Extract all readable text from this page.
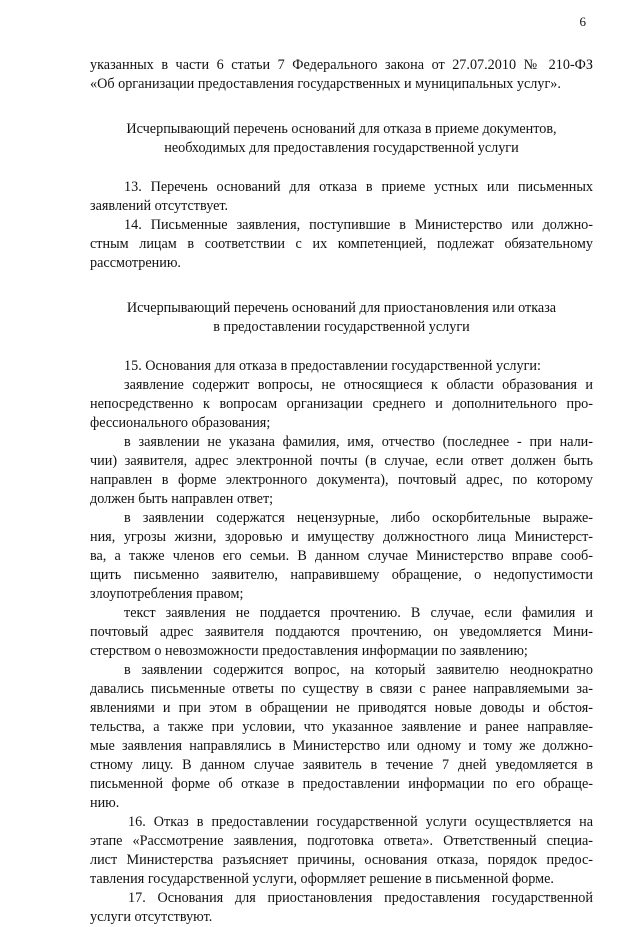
6
указанных в части 6 статьи 7 Федерального закона от 27.07.2010 № 210-ФЗ
«Об организации предоставления государственных и муниципальных услуг».
Исчерпывающий перечень оснований для отказа в приеме документов,
необходимых для предоставления государственной услуги
13. Перечень оснований для отказа в приеме устных или письменных
заявлений отсутствует.
14. Письменные заявления, поступившие в Министерство или должно-
стным лицам в соответствии с их компетенцией, подлежат обязательному
рассмотрению.
Исчерпывающий перечень оснований для приостановления или отказа
в предоставлении государственной услуги
15. Основания для отказа в предоставлении государственной услуги:
заявление содержит вопросы, не относящиеся к области образования и
непосредственно к вопросам организации среднего и дополнительного про-
фессионального образования;
в заявлении не указана фамилия, имя, отчество (последнее - при нали-
чии) заявителя, адрес электронной почты (в случае, если ответ должен быть
направлен в форме электронного документа), почтовый адрес, по которому
должен быть направлен ответ;
в заявлении содержатся нецензурные, либо оскорбительные выраже-
ния, угрозы жизни, здоровью и имуществу должностного лица Министерст-
ва, а также членов его семьи. В данном случае Министерство вправе сооб-
щить письменно заявителю, направившему обращение, о недопустимости
злоупотребления правом;
текст заявления не поддается прочтению. В случае, если фамилия и
почтовый адрес заявителя поддаются прочтению, он уведомляется Мини-
стерством о невозможности предоставления информации по заявлению;
в заявлении содержится вопрос, на который заявителю неоднократно
давались письменные ответы по существу в связи с ранее направляемыми за-
явлениями и при этом в обращении не приводятся новые доводы и обстоя-
тельства, а также при условии, что указанное заявление и ранее направляе-
мые заявления направлялись в Министерство или одному и тому же должно-
стному лицу. В данном случае заявитель в течение 7 дней уведомляется в
письменной форме об отказе в предоставлении информации по его обраще-
нию.
16. Отказ в предоставлении государственной услуги осуществляется на
этапе «Рассмотрение заявления, подготовка ответа». Ответственный специа-
лист Министерства разъясняет причины, основания отказа, порядок предос-
тавления государственной услуги, оформляет решение в письменной форме.
17. Основания для приостановления предоставления государственной
услуги отсутствуют.
